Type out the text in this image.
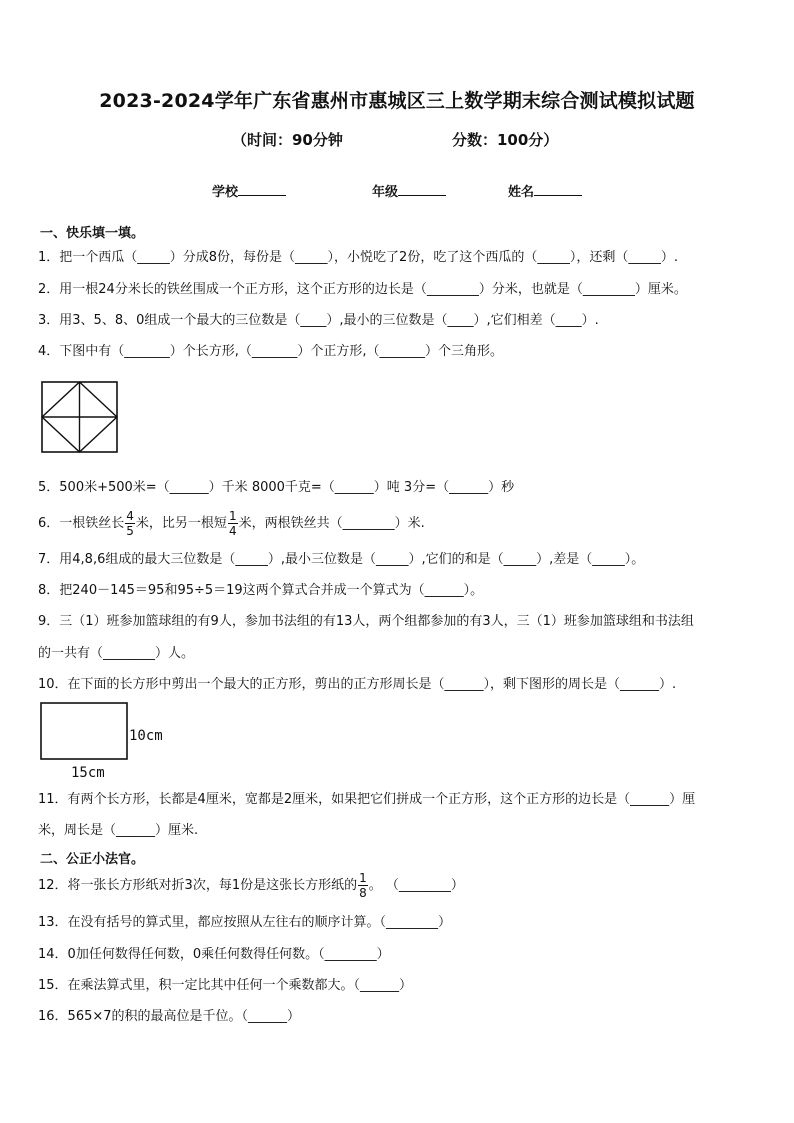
2023-2024学年广东省惠州市惠城区三上数学期末综合测试模拟试题
（时间：90分钟	分数：100分）
学校	年级	姓名
一、快乐填一填。
1．把一个西瓜（_____）分成8份，每份是（_____），小悦吃了2份，吃了这个西瓜的（_____），还剩（_____）.
2．用一根24分米长的铁丝围成一个正方形，这个正方形的边长是（________）分米，也就是（________）厘米。
3．用3、5、8、0组成一个最大的三位数是（____）,最小的三位数是（____）,它们相差（____）.
4．下图中有（_______）个长方形,（_______）个正方形,（_______）个三角形。
5．500米+500米=（______）千米 8000千克=（______）吨 3分=（______）秒
6．一根铁丝长 $\frac{4}{5}$ 米，比另一根短 $\frac{1}{4}$ 米，两根铁丝共（________）米.
7．用4,8,6组成的最大三位数是（_____）,最小三位数是（_____）,它们的和是（_____）,差是（_____）。
8．把240－145＝95和95÷5＝19这两个算式合并成一个算式为（______）。
9．三（1）班参加篮球组的有9人，参加书法组的有13人，两个组都参加的有3人，三（1）班参加篮球组和书法组
的一共有（________）人。
10．在下面的长方形中剪出一个最大的正方形，剪出的正方形周长是（______），剩下图形的周长是（______）.
10cm
15cm
11．有两个长方形，长都是4厘米，宽都是2厘米，如果把它们拼成一个正方形，这个正方形的边长是（______）厘
米，周长是（______）厘米.
二、公正小法官。
12．将一张长方形纸对折3次，每1份是这张长方形纸的 $\frac{1}{8}$ 。 （________）
13．在没有括号的算式里，都应按照从左往右的顺序计算。（________）
14．0加任何数得任何数，0乘任何数得任何数。（________）
15．在乘法算式里，积一定比其中任何一个乘数都大。（______）
16．565×7的积的最高位是千位。（______）
